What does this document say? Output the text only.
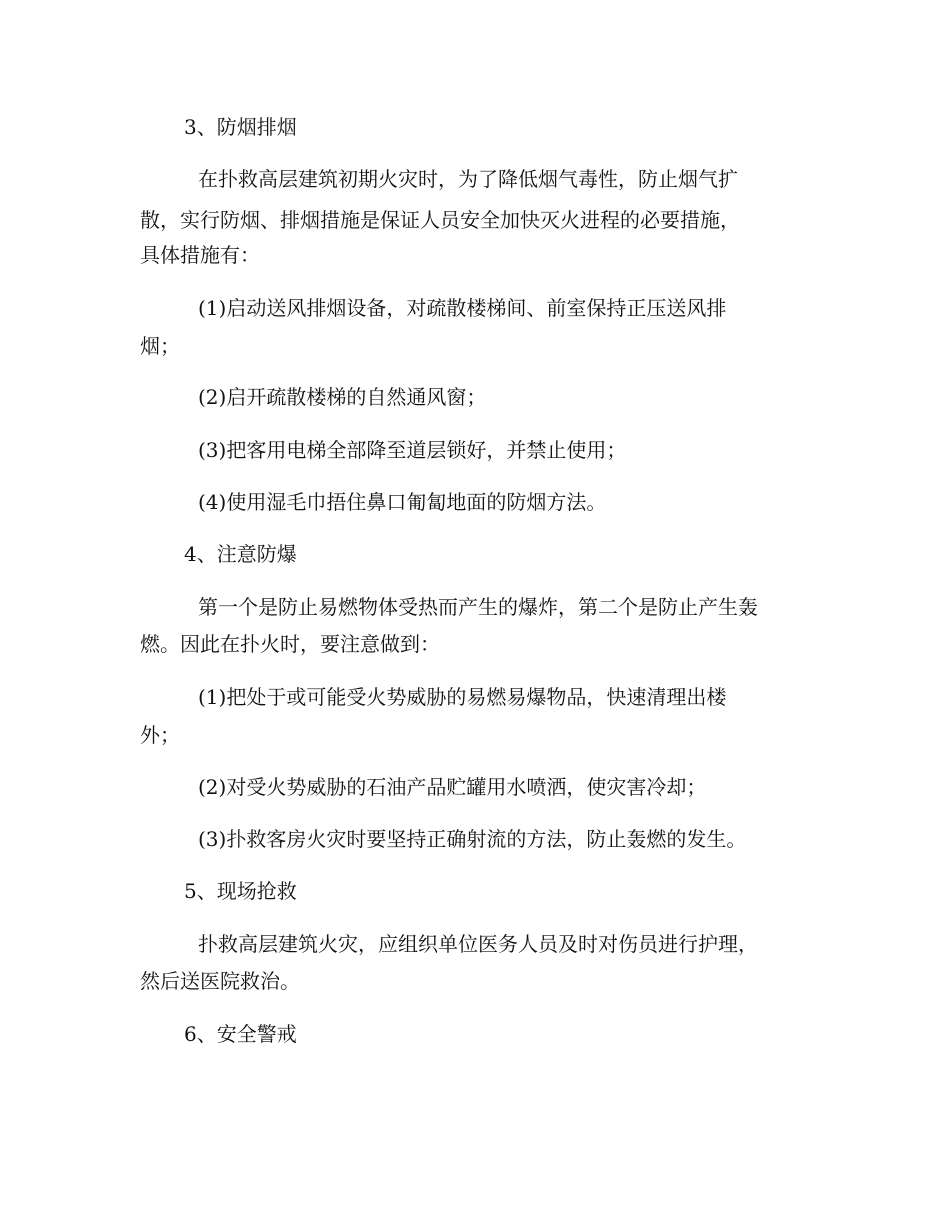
3、防烟排烟
在扑救高层建筑初期火灾时，为了降低烟气毒性，防止烟气扩
散，实行防烟、排烟措施是保证人员安全加快灭火进程的必要措施，
具体措施有：
(1)启动送风排烟设备，对疏散楼梯间、前室保持正压送风排
烟；
(2)启开疏散楼梯的自然通风窗；
(3)把客用电梯全部降至道层锁好，并禁止使用；
(4)使用湿毛巾捂住鼻口匍匐地面的防烟方法。
4、注意防爆
第一个是防止易燃物体受热而产生的爆炸，第二个是防止产生轰
燃。因此在扑火时，要注意做到：
(1)把处于或可能受火势威胁的易燃易爆物品，快速清理出楼
外；
(2)对受火势威胁的石油产品贮罐用水喷洒，使灾害冷却；
(3)扑救客房火灾时要坚持正确射流的方法，防止轰燃的发生。
5、现场抢救
扑救高层建筑火灾，应组织单位医务人员及时对伤员进行护理，
然后送医院救治。
6、安全警戒
